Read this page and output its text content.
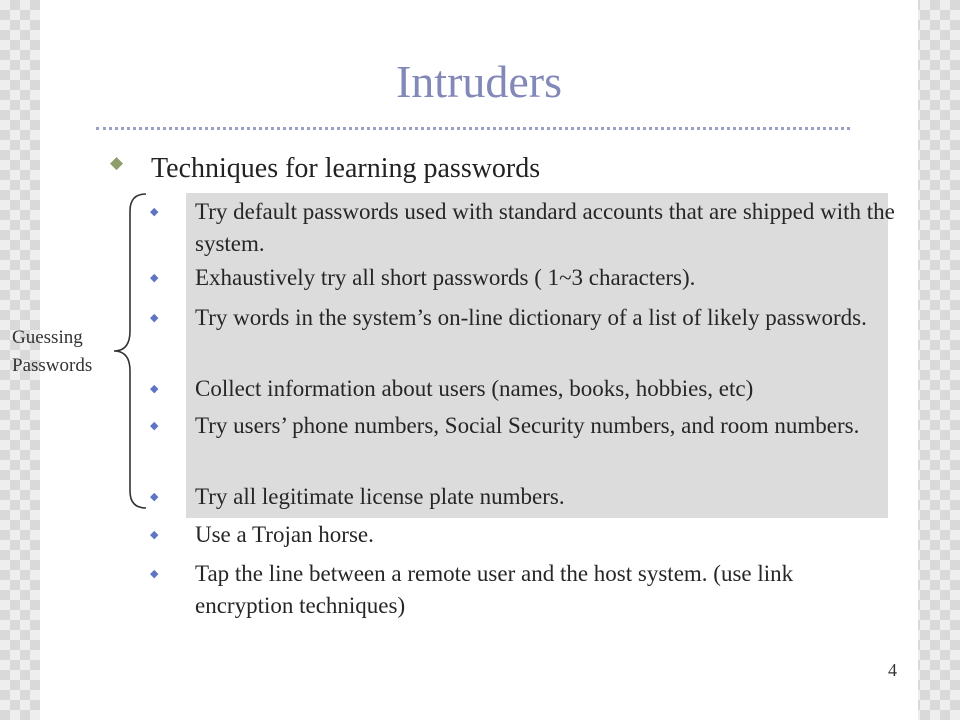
Intruders
◆ Techniques for learning passwords
◆ Try default passwords used with standard accounts that are shipped with the system.
◆ Exhaustively try all short passwords ( 1~3 characters).
◆ Try words in the system’s on-line dictionary of a list of likely passwords.
◆ Collect information about users (names, books, hobbies, etc)
◆ Try users’ phone numbers, Social Security numbers, and room numbers.
◆ Try all legitimate license plate numbers.
◆ Use a Trojan horse.
◆ Tap the line between a remote user and the host system. (use link encryption techniques)
Guessing
Passwords
4
